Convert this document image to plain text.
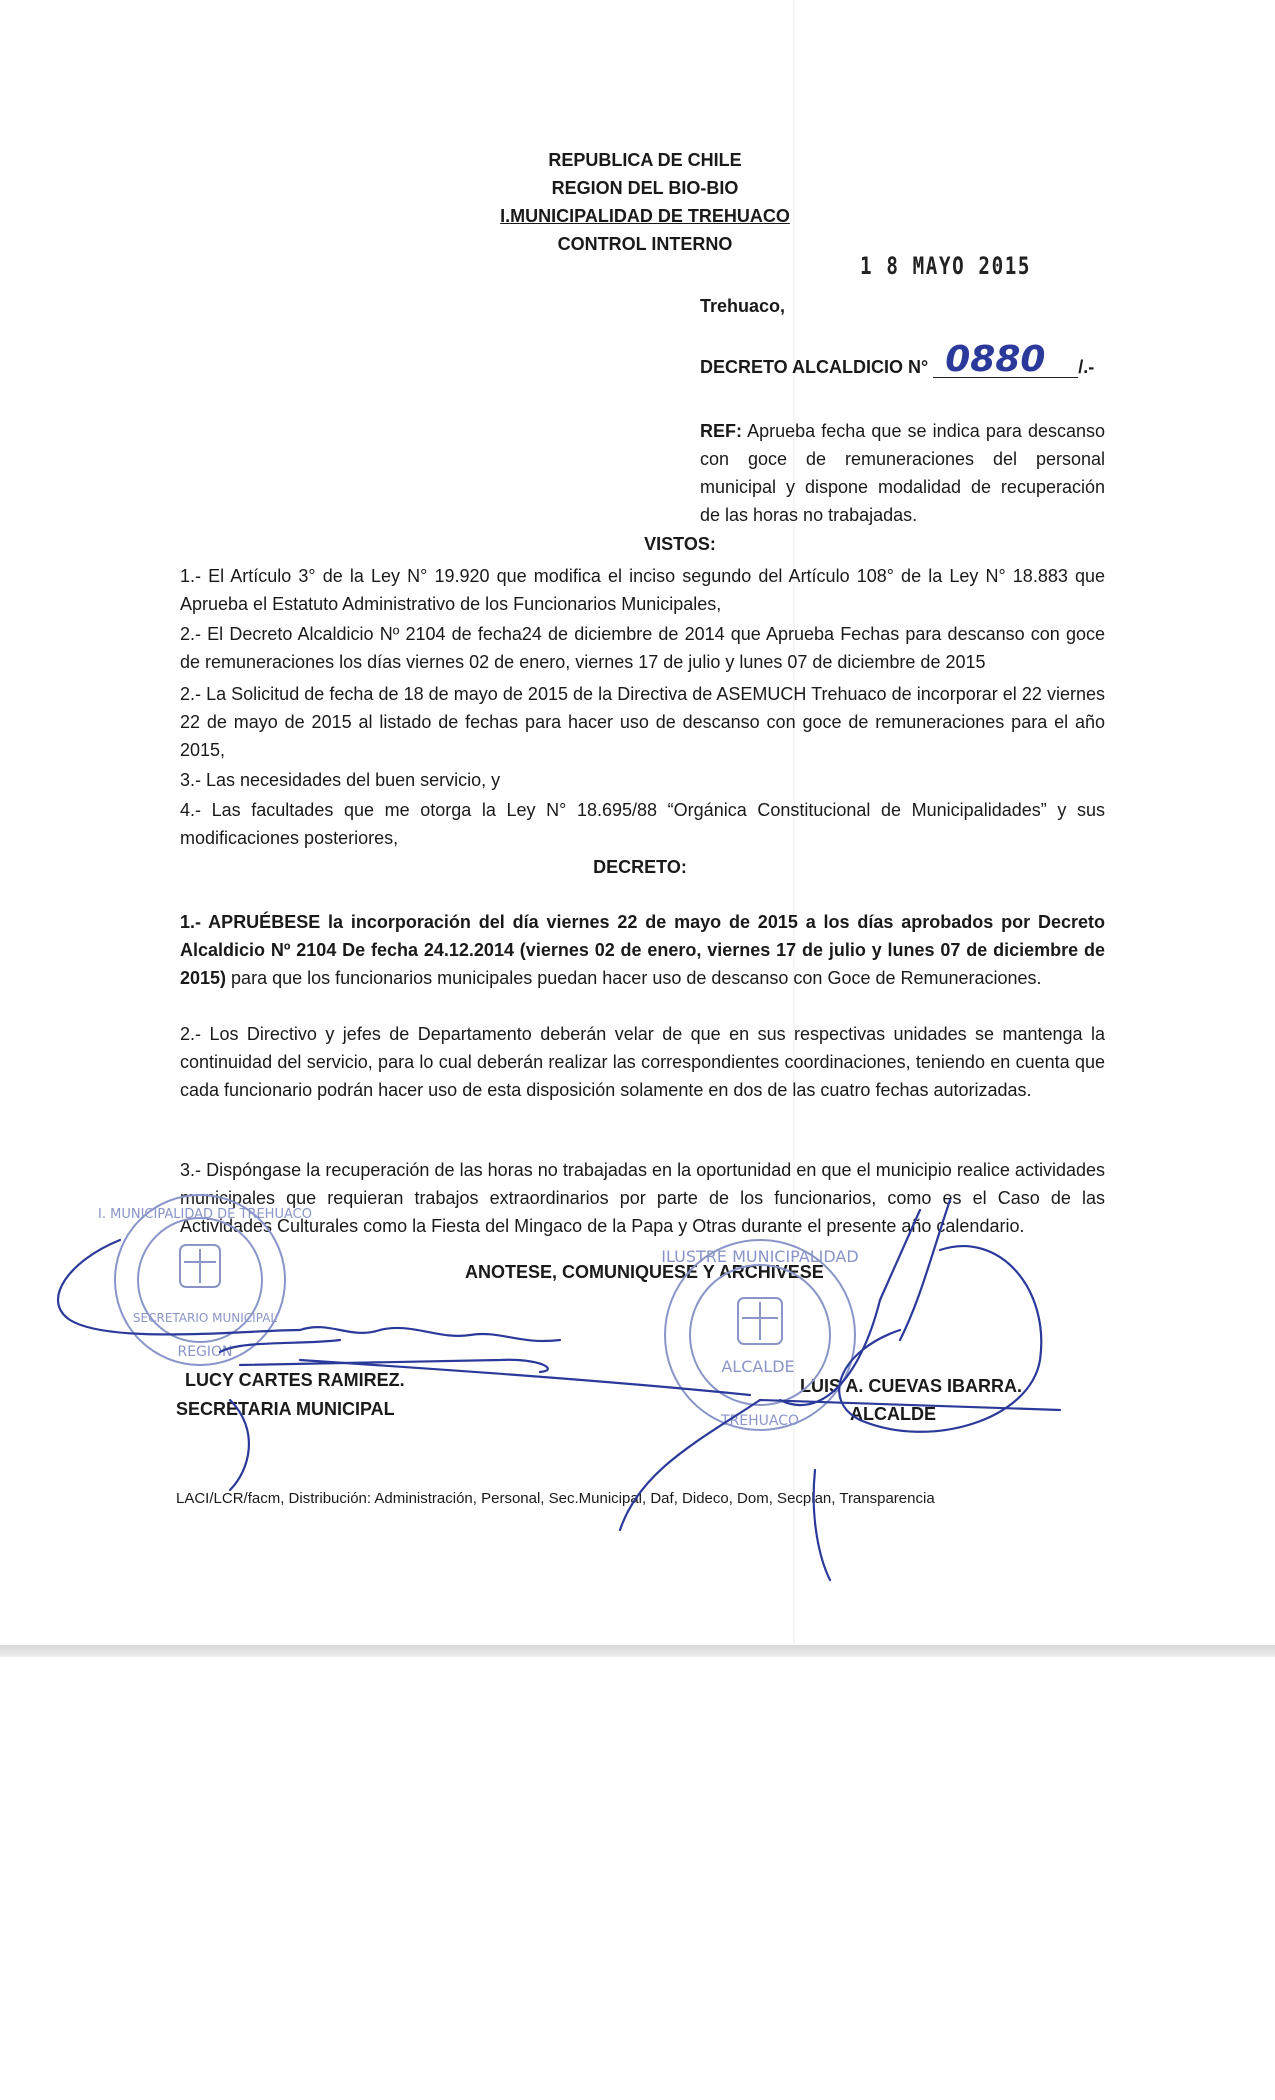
REPUBLICA DE CHILE
REGION DEL BIO-BIO
I.MUNICIPALIDAD DE TREHUACO
CONTROL INTERNO
1 8 MAYO 2015
Trehuaco,
DECRETO ALCALDICIO N° 0880 /.-
REF: Aprueba fecha que se indica para descanso con goce de remuneraciones del personal municipal y dispone modalidad de recuperación de las horas no trabajadas.
VISTOS:
1.- El Artículo 3° de la Ley N° 19.920 que modifica el inciso segundo del Artículo 108° de la Ley N° 18.883 que Aprueba el Estatuto Administrativo de los Funcionarios Municipales,
2.- El Decreto Alcaldicio Nº 2104 de fecha24 de diciembre de 2014 que Aprueba Fechas para descanso con goce de remuneraciones los días viernes 02 de enero, viernes 17 de julio y lunes 07 de diciembre de 2015
2.- La Solicitud de fecha de 18 de mayo de 2015 de la Directiva de ASEMUCH Trehuaco de incorporar el 22 viernes 22 de mayo de 2015 al listado de fechas para hacer uso de descanso con goce de remuneraciones para el año 2015,
3.- Las necesidades del buen servicio, y
4.- Las facultades que me otorga la Ley N° 18.695/88 “Orgánica Constitucional de Municipalidades” y sus modificaciones posteriores,
DECRETO:
1.- APRUÉBESE la incorporación del día viernes 22 de mayo de 2015 a los días aprobados por Decreto Alcaldicio Nº 2104 De fecha 24.12.2014 (viernes 02 de enero, viernes 17 de julio y lunes 07 de diciembre de 2015) para que los funcionarios municipales puedan hacer uso de descanso con Goce de Remuneraciones.
2.- Los Directivo y jefes de Departamento deberán velar de que en sus respectivas unidades se mantenga la continuidad del servicio, para lo cual deberán realizar las correspondientes coordinaciones, teniendo en cuenta que cada funcionario podrán hacer uso de esta disposición solamente en dos de las cuatro fechas autorizadas.
3.- Dispóngase la recuperación de las horas no trabajadas en la oportunidad en que el municipio realice actividades municipales que requieran trabajos extraordinarios por parte de los funcionarios, como es el Caso de las Actividades Culturales como la Fiesta del Mingaco de la Papa y Otras durante el presente año calendario.
ANOTESE, COMUNIQUESE Y ARCHIVESE
LUCY CARTES RAMIREZ.
SECRETARIA MUNICIPAL
LUIS A. CUEVAS IBARRA.
ALCALDE
LACI/LCR/facm, Distribución: Administración, Personal, Sec.Municipal, Daf, Dideco, Dom, Secplan, Transparencia
SECRETARIO MUNICIPAL
REGION
I. MUNICIPALIDAD DE TREHUACO
ILUSTRE MUNICIPALIDAD
ALCALDE
TREHUACO
